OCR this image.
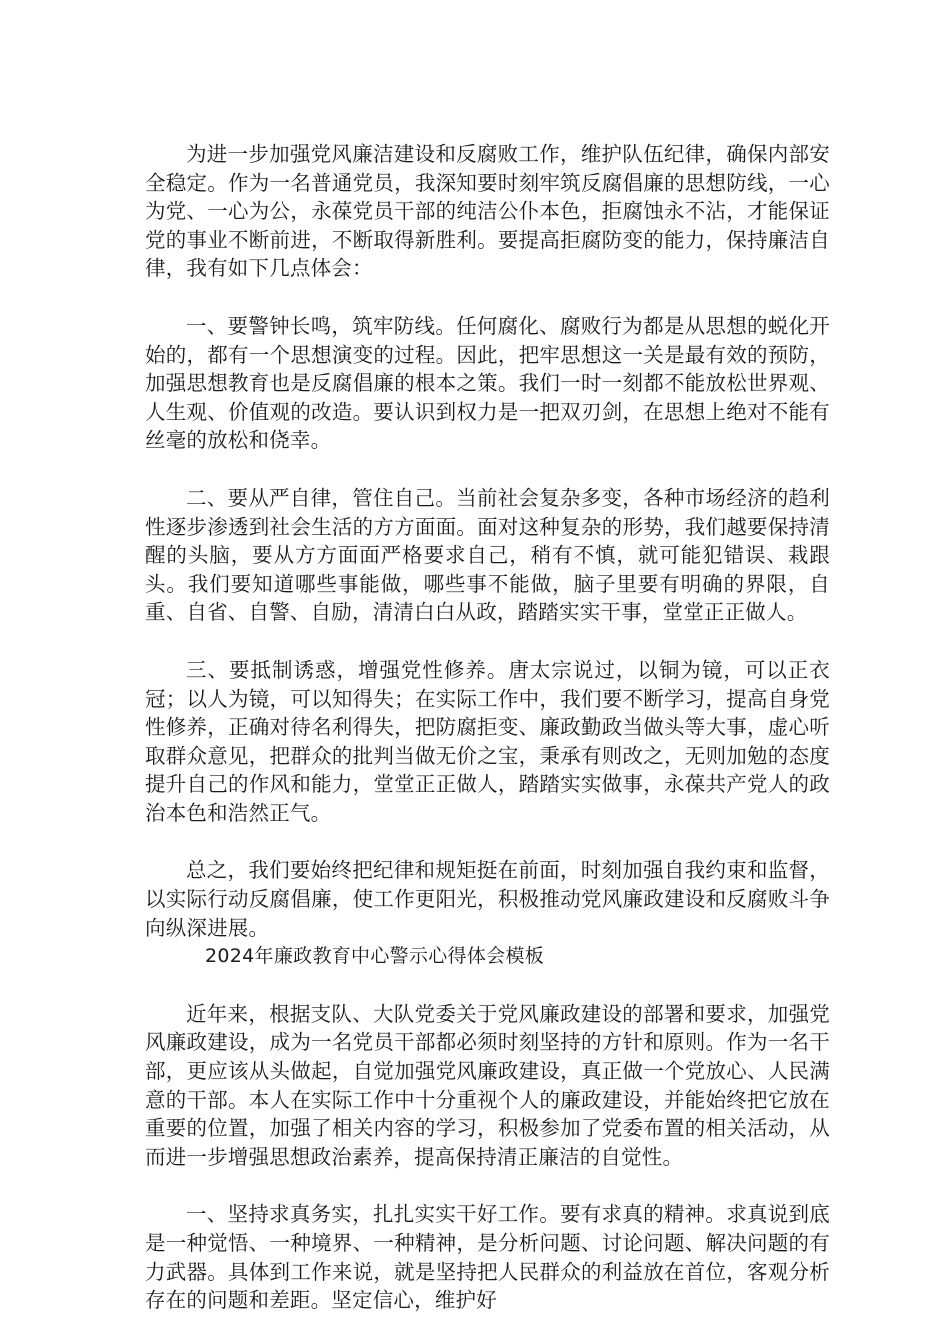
为进一步加强党风廉洁建设和反腐败工作，维护队伍纪律，确保内部安全稳定。作为一名普通党员，我深知要时刻牢筑反腐倡廉的思想防线，一心为党、一心为公，永葆党员干部的纯洁公仆本色，拒腐蚀永不沾，才能保证党的事业不断前进，不断取得新胜利。要提高拒腐防变的能力，保持廉洁自律，我有如下几点体会：

一、要警钟长鸣，筑牢防线。任何腐化、腐败行为都是从思想的蜕化开始的，都有一个思想演变的过程。因此，把牢思想这一关是最有效的预防，加强思想教育也是反腐倡廉的根本之策。我们一时一刻都不能放松世界观、人生观、价值观的改造。要认识到权力是一把双刃剑，在思想上绝对不能有丝毫的放松和侥幸。

二、要从严自律，管住自己。当前社会复杂多变，各种市场经济的趋利性逐步渗透到社会生活的方方面面。面对这种复杂的形势，我们越要保持清醒的头脑，要从方方面面严格要求自己，稍有不慎，就可能犯错误、栽跟头。我们要知道哪些事能做，哪些事不能做，脑子里要有明确的界限，自重、自省、自警、自励，清清白白从政，踏踏实实干事，堂堂正正做人。

三、要抵制诱惑，增强党性修养。唐太宗说过，以铜为镜，可以正衣冠；以人为镜，可以知得失；在实际工作中，我们要不断学习，提高自身党性修养，正确对待名利得失，把防腐拒变、廉政勤政当做头等大事，虚心听取群众意见，把群众的批判当做无价之宝，秉承有则改之，无则加勉的态度提升自己的作风和能力，堂堂正正做人，踏踏实实做事，永葆共产党人的政治本色和浩然正气。

总之，我们要始终把纪律和规矩挺在前面，时刻加强自我约束和监督，以实际行动反腐倡廉，使工作更阳光，积极推动党风廉政建设和反腐败斗争向纵深进展。

2024年廉政教育中心警示心得体会模板

近年来，根据支队、大队党委关于党风廉政建设的部署和要求，加强党风廉政建设，成为一名党员干部都必须时刻坚持的方针和原则。作为一名干部，更应该从头做起，自觉加强党风廉政建设，真正做一个党放心、人民满意的干部。本人在实际工作中十分重视个人的廉政建设，并能始终把它放在重要的位置，加强了相关内容的学习，积极参加了党委布置的相关活动，从而进一步增强思想政治素养，提高保持清正廉洁的自觉性。

一、坚持求真务实，扎扎实实干好工作。要有求真的精神。求真说到底是一种觉悟、一种境界、一种精神，是分析问题、讨论问题、解决问题的有力武器。具体到工作来说，就是坚持把人民群众的利益放在首位，客观分析存在的问题和差距。坚定信心，维护好
